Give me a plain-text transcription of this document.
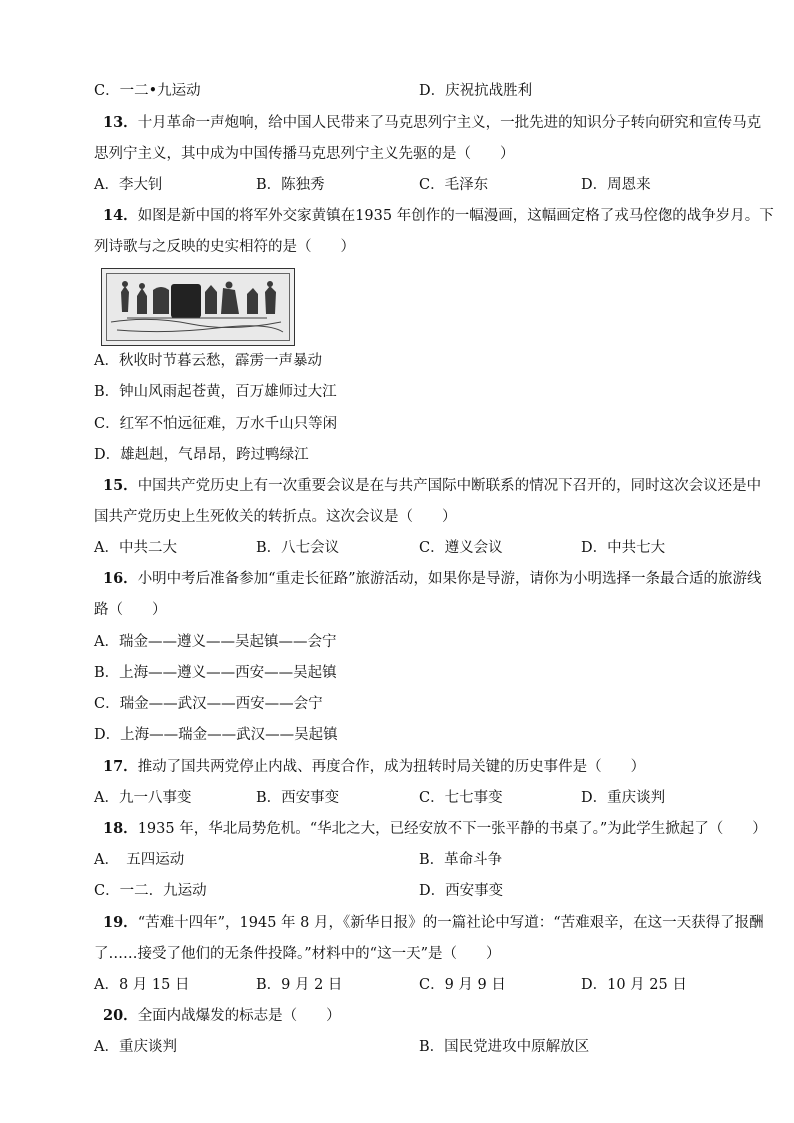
C．一二•九运动	D．庆祝抗战胜利
13．十月革命一声炮响，给中国人民带来了马克思列宁主义，一批先进的知识分子转向研究和宣传马克
思列宁主义，其中成为中国传播马克思列宁主义先驱的是（　　）
A．李大钊	B．陈独秀	C．毛泽东	D．周恩来
14．如图是新中国的将军外交家黄镇在1935 年创作的一幅漫画，这幅画定格了戎马倥偬的战争岁月。下
列诗歌与之反映的史实相符的是（　　）
A．秋收时节暮云愁，霹雳一声暴动
B．钟山风雨起苍黄，百万雄师过大江
C．红军不怕远征难，万水千山只等闲
D．雄赳赳，气昂昂，跨过鸭绿江
15．中国共产党历史上有一次重要会议是在与共产国际中断联系的情况下召开的，同时这次会议还是中
国共产党历史上生死攸关的转折点。这次会议是（　　）
A．中共二大	B．八七会议	C．遵义会议	D．中共七大
16．小明中考后准备参加“重走长征路”旅游活动，如果你是导游，请你为小明选择一条最合适的旅游线
路（　　）
A．瑞金——遵义——吴起镇——会宁
B．上海——遵义——西安——吴起镇
C．瑞金——武汉——西安——会宁
D．上海——瑞金——武汉——吴起镇
17．推动了国共两党停止内战、再度合作，成为扭转时局关键的历史事件是（　　）
A．九一八事变	B．西安事变	C．七七事变	D．重庆谈判
18．1935 年，华北局势危机。“华北之大，已经安放不下一张平静的书桌了。”为此学生掀起了（　　）
A．　五四运动	B．革命斗争
C．一二．九运动	D．西安事变
19．“苦难十四年”，1945 年 8 月，《新华日报》的一篇社论中写道：“苦难艰辛，在这一天获得了报酬
了……接受了他们的无条件投降。”材料中的“这一天”是（　　）
A．8 月 15 日	B．9 月 2 日	C．9 月 9 日	D．10 月 25 日
20．全面内战爆发的标志是（　　）
A．重庆谈判	B．国民党进攻中原解放区
